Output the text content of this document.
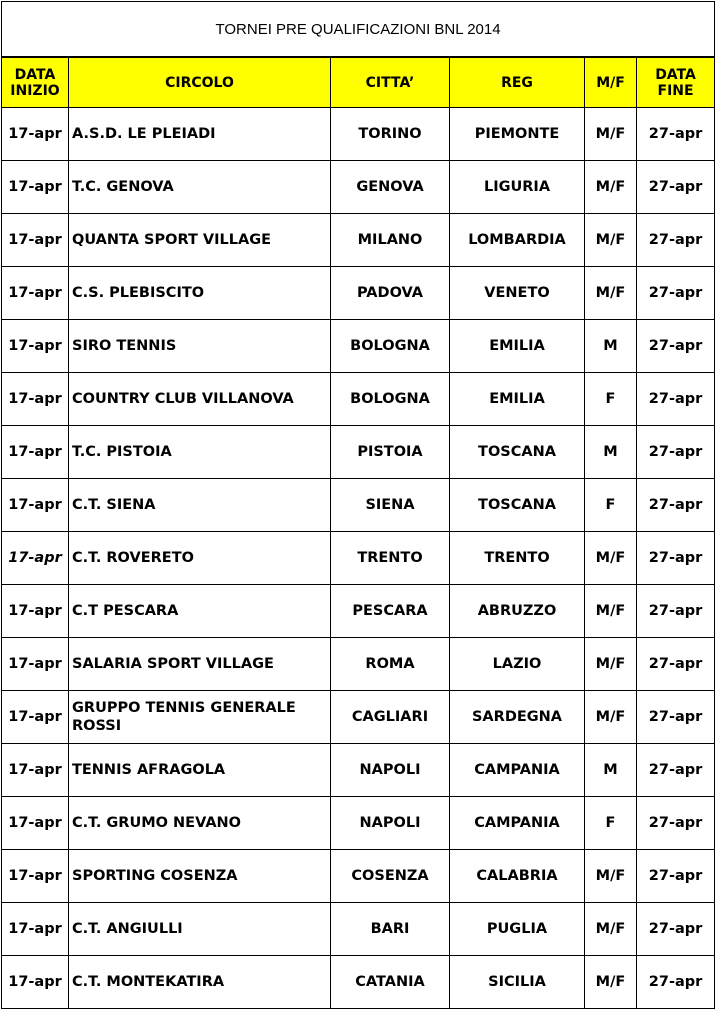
TORNEI PRE QUALIFICAZIONI BNL 2014					
DATA
INIZIO	CIRCOLO	CITTA’	REG	M/F	DATA
FINE
17-apr	A.S.D. LE PLEIADI	TORINO	PIEMONTE	M/F	27-apr
17-apr	T.C. GENOVA	GENOVA	LIGURIA	M/F	27-apr
17-apr	QUANTA SPORT VILLAGE	MILANO	LOMBARDIA	M/F	27-apr
17-apr	C.S. PLEBISCITO	PADOVA	VENETO	M/F	27-apr
17-apr	SIRO TENNIS	BOLOGNA	EMILIA	M	27-apr
17-apr	COUNTRY CLUB VILLANOVA	BOLOGNA	EMILIA	F	27-apr
17-apr	T.C. PISTOIA	PISTOIA	TOSCANA	M	27-apr
17-apr	C.T. SIENA	SIENA	TOSCANA	F	27-apr
17-apr	C.T. ROVERETO	TRENTO	TRENTO	M/F	27-apr
17-apr	C.T PESCARA	PESCARA	ABRUZZO	M/F	27-apr
17-apr	SALARIA SPORT VILLAGE	ROMA	LAZIO	M/F	27-apr
17-apr	GRUPPO TENNIS GENERALE ROSSI	CAGLIARI	SARDEGNA	M/F	27-apr
17-apr	TENNIS AFRAGOLA	NAPOLI	CAMPANIA	M	27-apr
17-apr	C.T. GRUMO NEVANO	NAPOLI	CAMPANIA	F	27-apr
17-apr	SPORTING COSENZA	COSENZA	CALABRIA	M/F	27-apr
17-apr	C.T. ANGIULLI	BARI	PUGLIA	M/F	27-apr
17-apr	C.T. MONTEKATIRA	CATANIA	SICILIA	M/F	27-apr
